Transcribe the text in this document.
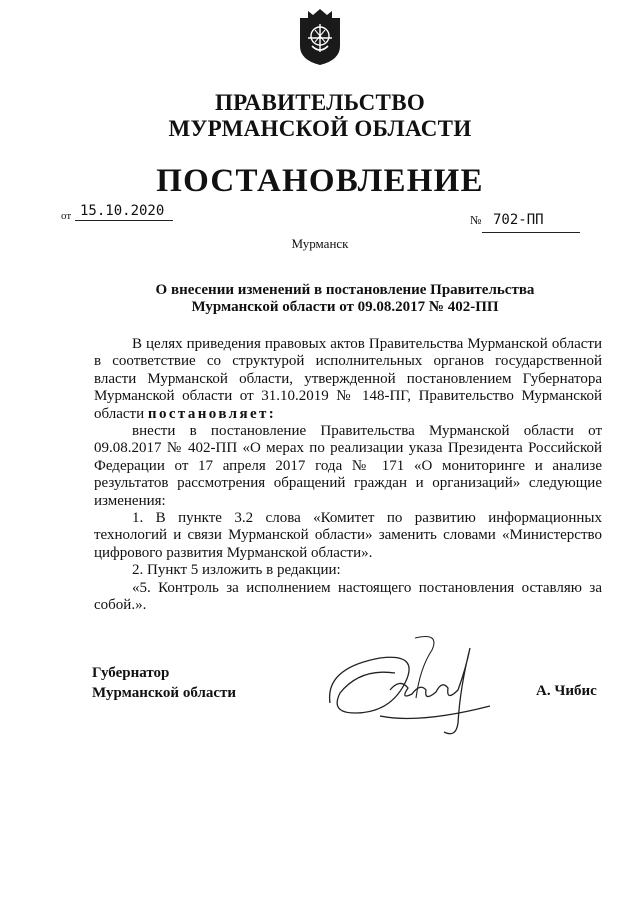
ПРАВИТЕЛЬСТВО
МУРМАНСКОЙ ОБЛАСТИ
ПОСТАНОВЛЕНИЕ
от 15.10.2020
№ 702-ПП
Мурманск
О внесении изменений в постановление Правительства
Мурманской области от 09.08.2017 № 402-ПП

В целях приведения правовых актов Правительства Мурманской области в соответствие со структурой исполнительных органов государственной власти Мурманской области, утвержденной постановлением Губернатора Мурманской области от 31.10.2019 № 148-ПГ, Правительство Мурманской области постановляет:

внести в постановление Правительства Мурманской области от 09.08.2017 № 402-ПП «О мерах по реализации указа Президента Российской Федерации от 17 апреля 2017 года № 171 «О мониторинге и анализе результатов рассмотрения обращений граждан и организаций» следующие изменения:

1. В пункте 3.2 слова «Комитет по развитию информационных технологий и связи Мурманской области» заменить словами «Министерство цифрового развития Мурманской области».

2. Пункт 5 изложить в редакции:

«5. Контроль за исполнением настоящего постановления оставляю за собой.».

Губернатор
Мурманской области	А. Чибис
